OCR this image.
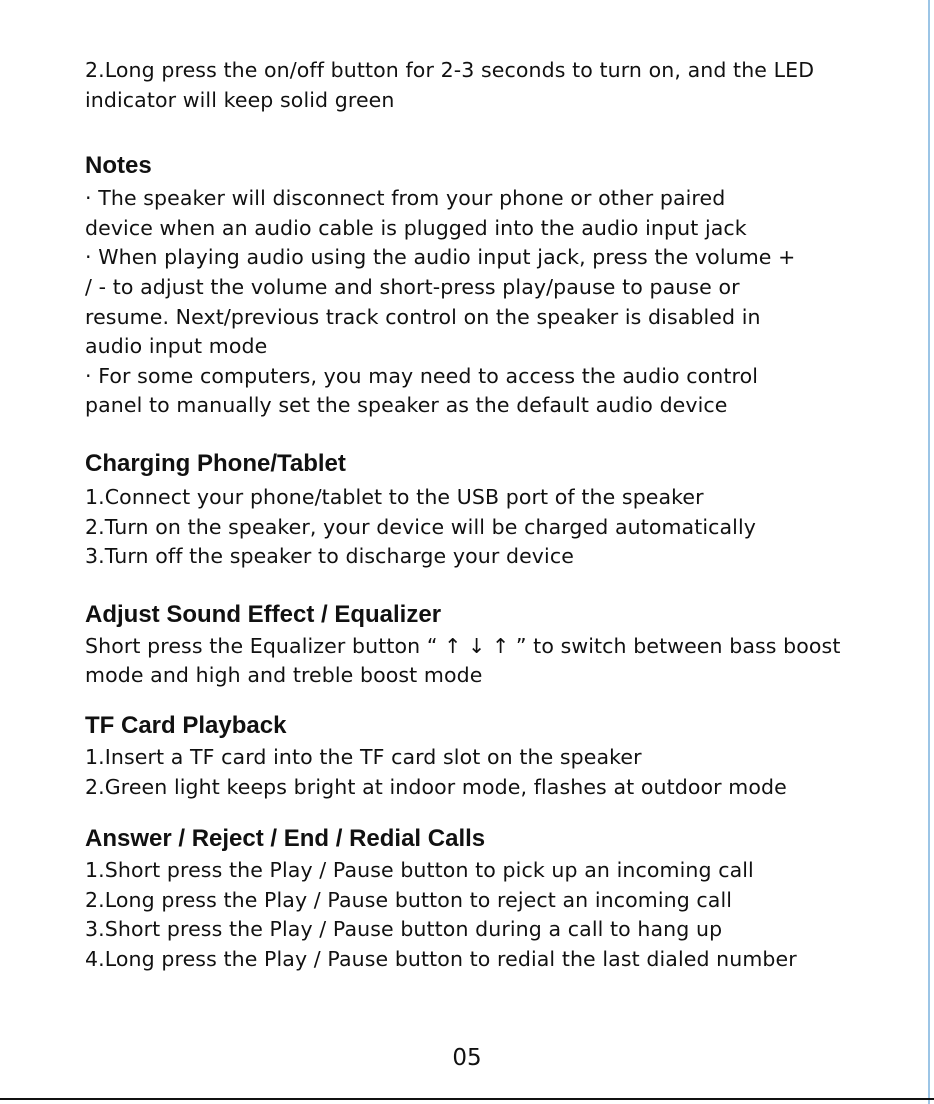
2.Long press the on/off button for 2-3 seconds to turn on, and the LED

indicator will keep solid green

Notes

· The speaker will disconnect from your phone or other paired

device when an audio cable is plugged into the audio input jack

· When playing audio using the audio input jack, press the volume +

/ - to adjust the volume and short-press play/pause to pause or

resume. Next/previous track control on the speaker is disabled in

audio input mode

· For some computers, you may need to access the audio control

panel to manually set the speaker as the default audio device

Charging Phone/Tablet

1.Connect your phone/tablet to the USB port of the speaker

2.Turn on the speaker, your device will be charged automatically

3.Turn off the speaker to discharge your device

Adjust Sound Effect / Equalizer

Short press the Equalizer button “ ↑ ↓ ↑ ” to switch between bass boost

mode and high and treble boost mode

TF Card Playback

1.Insert a TF card into the TF card slot on the speaker

2.Green light keeps bright at indoor mode, flashes at outdoor mode

Answer / Reject / End / Redial Calls

1.Short press the Play / Pause button to pick up an incoming call

2.Long press the Play / Pause button to reject an incoming call

3.Short press the Play / Pause button during a call to hang up

4.Long press the Play / Pause button to redial the last dialed number

05
